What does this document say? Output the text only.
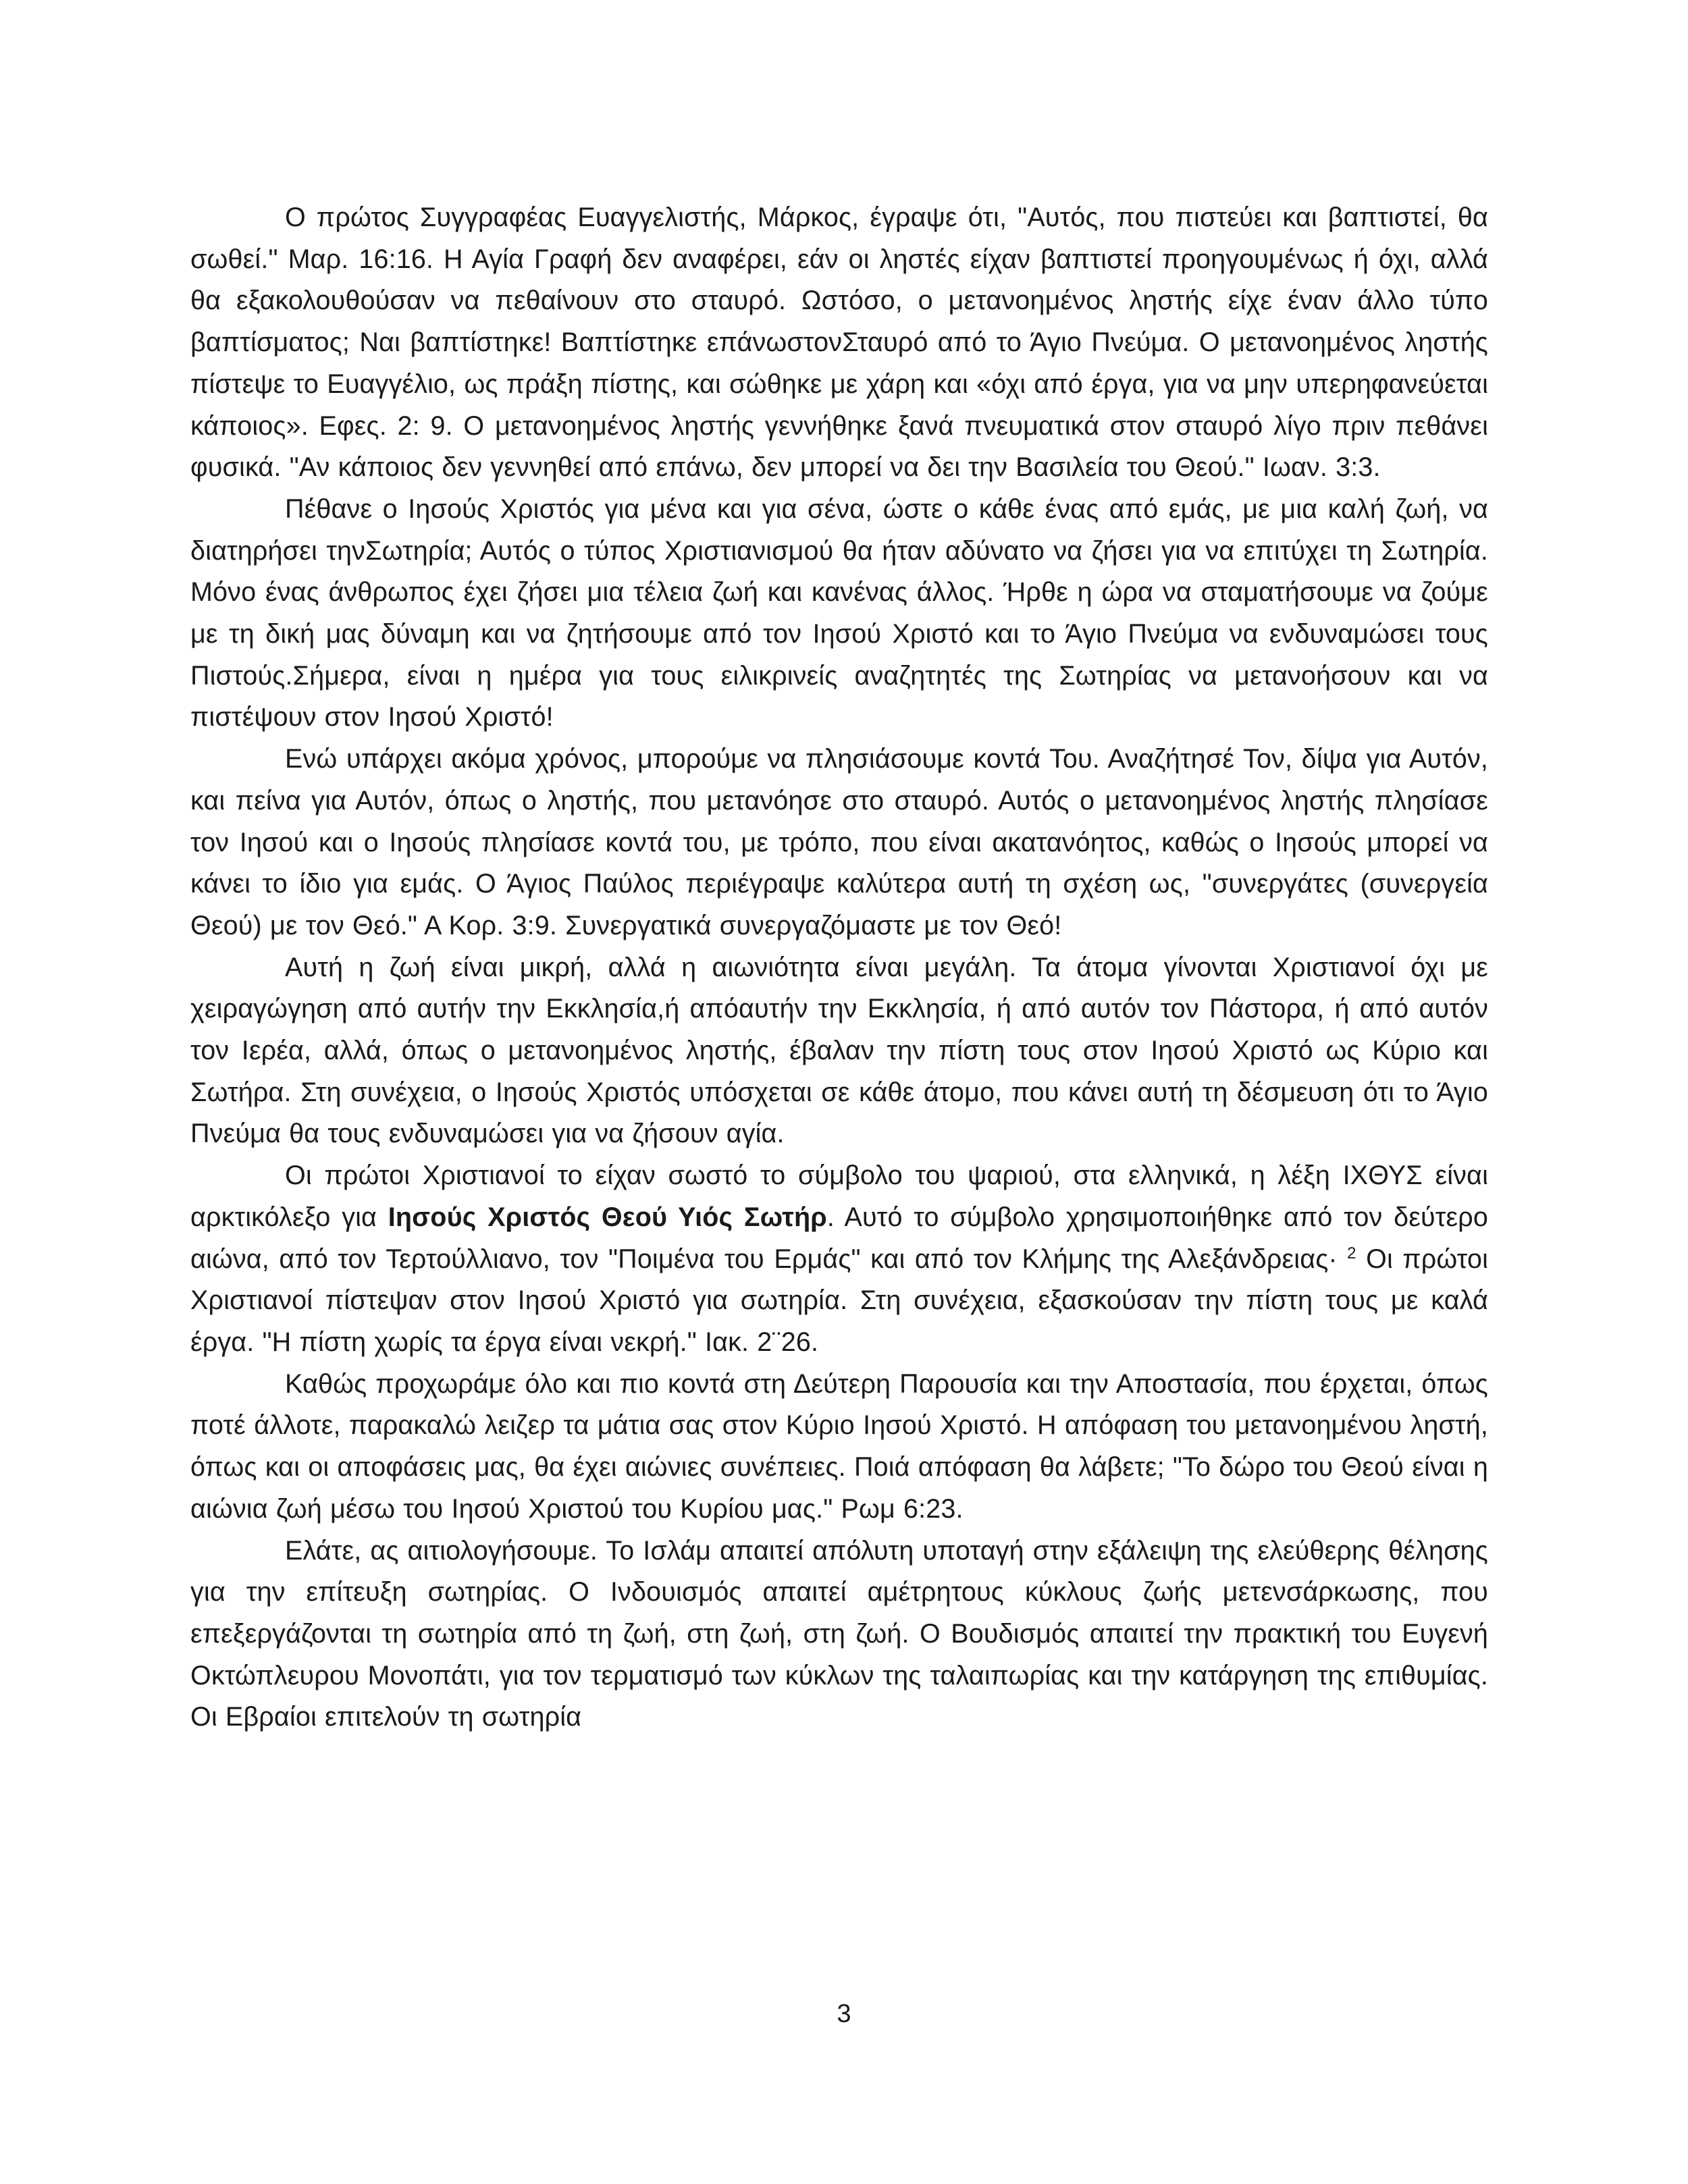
Ο πρώτος Συγγραφέας Ευαγγελιστής, Μάρκος, έγραψε ότι, "Αυτός, που πιστεύει και βαπτιστεί, θα σωθεί." Μαρ. 16:16. Η Αγία Γραφή δεν αναφέρει, εάν οι ληστές είχαν βαπτιστεί προηγουμένως ή όχι, αλλά θα εξακολουθούσαν να πεθαίνουν στο σταυρό. Ωστόσο, ο μετανοημένος ληστής είχε έναν άλλο τύπο βαπτίσματος; Ναι βαπτίστηκε! Βαπτίστηκε επάνωστονΣταυρό από το Άγιο Πνεύμα. Ο μετανοημένος ληστής πίστεψε το Ευαγγέλιο, ως πράξη πίστης, και σώθηκε με χάρη και «όχι από έργα, για να μην υπερηφανεύεται κάποιος». Εφες. 2: 9. Ο μετανοημένος ληστής γεννήθηκε ξανά πνευματικά στον σταυρό λίγο πριν πεθάνει φυσικά. "Αν κάποιος δεν γεννηθεί από επάνω, δεν μπορεί να δει την Βασιλεία του Θεού." Ιωαν. 3:3.

Πέθανε ο Ιησούς Χριστός για μένα και για σένα, ώστε ο κάθε ένας από εμάς, με μια καλή ζωή, να διατηρήσει τηνΣωτηρία; Αυτός ο τύπος Χριστιανισμού θα ήταν αδύνατο να ζήσει για να επιτύχει τη Σωτηρία. Μόνο ένας άνθρωπος έχει ζήσει μια τέλεια ζωή και κανένας άλλος. Ήρθε η ώρα να σταματήσουμε να ζούμε με τη δική μας δύναμη και να ζητήσουμε από τον Ιησού Χριστό και το Άγιο Πνεύμα να ενδυναμώσει τους Πιστούς.Σήμερα, είναι η ημέρα για τους ειλικρινείς αναζητητές της Σωτηρίας να μετανοήσουν και να πιστέψουν στον Ιησού Χριστό!

Ενώ υπάρχει ακόμα χρόνος, μπορούμε να πλησιάσουμε κοντά Του. Αναζήτησέ Τον, δίψα για Αυτόν, και πείνα για Αυτόν, όπως ο ληστής, που μετανόησε στο σταυρό. Αυτός ο μετανοημένος ληστής πλησίασε τον Ιησού και ο Ιησούς πλησίασε κοντά του, με τρόπο, που είναι ακατανόητος, καθώς ο Ιησούς μπορεί να κάνει το ίδιο για εμάς. Ο Άγιος Παύλος περιέγραψε καλύτερα αυτή τη σχέση ως, "συνεργάτες (συνεργεία Θεού) με τον Θεό." Α Κορ. 3:9. Συνεργατικά συνεργαζόμαστε με τον Θεό!

Αυτή η ζωή είναι μικρή, αλλά η αιωνιότητα είναι μεγάλη. Τα άτομα γίνονται Χριστιανοί όχι με χειραγώγηση από αυτήν την Εκκλησία,ή απόαυτήν την Εκκλησία, ή από αυτόν τον Πάστορα, ή από αυτόν τον Ιερέα, αλλά, όπως ο μετανοημένος ληστής, έβαλαν την πίστη τους στον Ιησού Χριστό ως Κύριο και Σωτήρα. Στη συνέχεια, ο Ιησούς Χριστός υπόσχεται σε κάθε άτομο, που κάνει αυτή τη δέσμευση ότι το Άγιο Πνεύμα θα τους ενδυναμώσει για να ζήσουν αγία.

Οι πρώτοι Χριστιανοί το είχαν σωστό το σύμβολο του ψαριού, στα ελληνικά, η λέξη ΙΧΘΥΣ είναι αρκτικόλεξο για Ιησούς Χριστός Θεού Υιός Σωτήρ. Αυτό το σύμβολο χρησιμοποιήθηκε από τον δεύτερο αιώνα, από τον Τερτούλλιανο, τον "Ποιμένα του Ερμάς" και από τον Κλήμης της Αλεξάνδρειας· $^2$ Οι πρώτοι Χριστιανοί πίστεψαν στον Ιησού Χριστό για σωτηρία. Στη συνέχεια, εξασκούσαν την πίστη τους με καλά έργα. "Η πίστη χωρίς τα έργα είναι νεκρή." Ιακ. 2¨26.

Καθώς προχωράμε όλο και πιο κοντά στη Δεύτερη Παρουσία και την Αποστασία, που έρχεται, όπως ποτέ άλλοτε, παρακαλώ λειζερ τα μάτια σας στον Κύριο Ιησού Χριστό. Η απόφαση του μετανοημένου ληστή, όπως και οι αποφάσεις μας, θα έχει αιώνιες συνέπειες. Ποιά απόφαση θα λάβετε; "Το δώρο του Θεού είναι η αιώνια ζωή μέσω του Ιησού Χριστού του Κυρίου μας." Ρωμ 6:23.

Ελάτε, ας αιτιολογήσουμε. Το Ισλάμ απαιτεί απόλυτη υποταγή στην εξάλειψη της ελεύθερης θέλησης για την επίτευξη σωτηρίας. Ο Ινδουισμός απαιτεί αμέτρητους κύκλους ζωής μετενσάρκωσης, που επεξεργάζονται τη σωτηρία από τη ζωή, στη ζωή, στη ζωή. Ο Βουδισμός απαιτεί την πρακτική του Ευγενή Οκτώπλευρου Μονοπάτι, για τον τερματισμό των κύκλων της ταλαιπωρίας και την κατάργηση της επιθυμίας. Οι Εβραίοι επιτελούν τη σωτηρία

3
